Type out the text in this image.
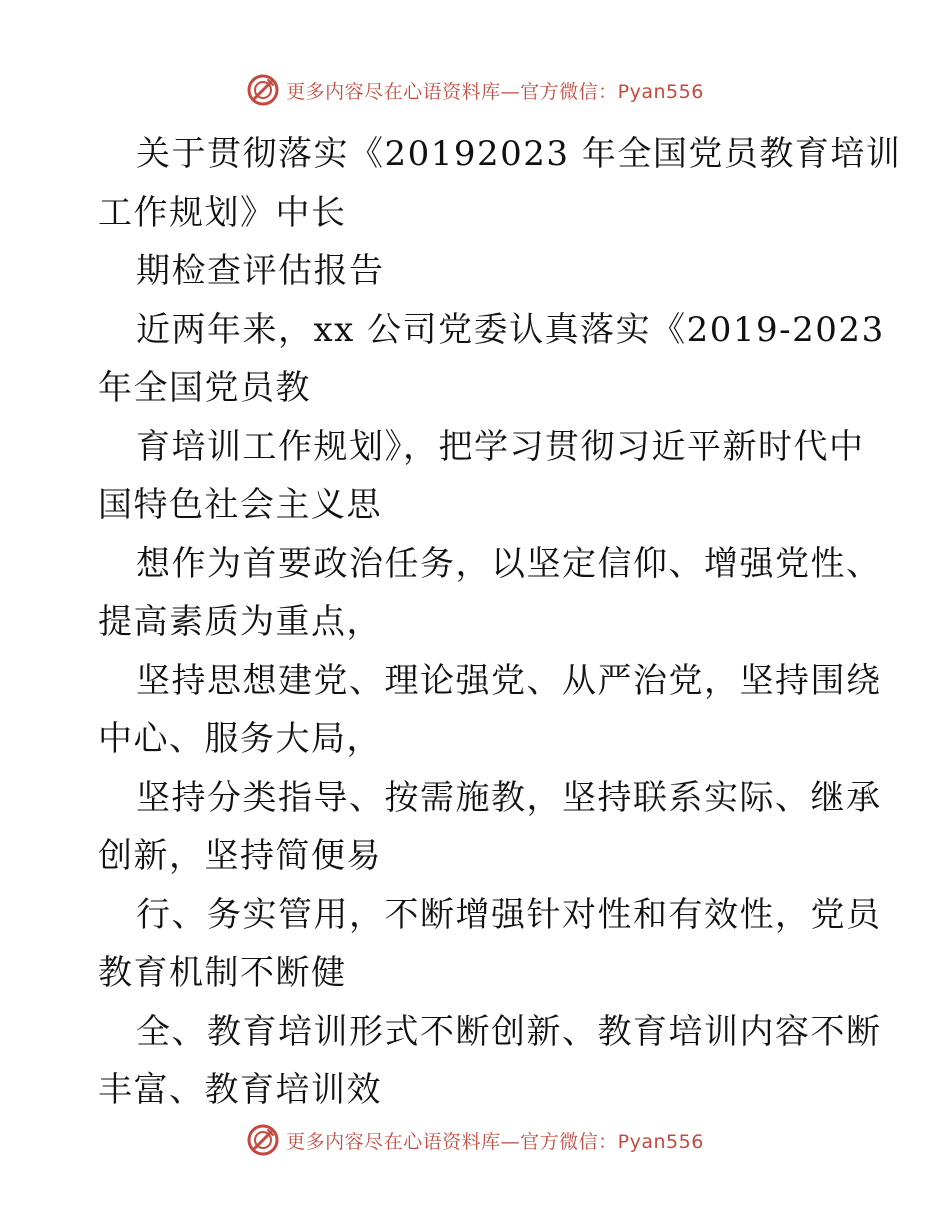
更多内容尽在心语资料库—官方微信：Pyan556
关于贯彻落实《20192023 年全国党员教育培训
工作规划》中长
期检查评估报告
近两年来，xx 公司党委认真落实《2019-2023
年全国党员教
育培训工作规划》，把学习贯彻习近平新时代中
国特色社会主义思
想作为首要政治任务，以坚定信仰、增强党性、
提高素质为重点，
坚持思想建党、理论强党、从严治党，坚持围绕
中心、服务大局，
坚持分类指导、按需施教，坚持联系实际、继承
创新，坚持简便易
行、务实管用，不断增强针对性和有效性，党员
教育机制不断健
全、教育培训形式不断创新、教育培训内容不断
丰富、教育培训效
更多内容尽在心语资料库—官方微信：Pyan556
